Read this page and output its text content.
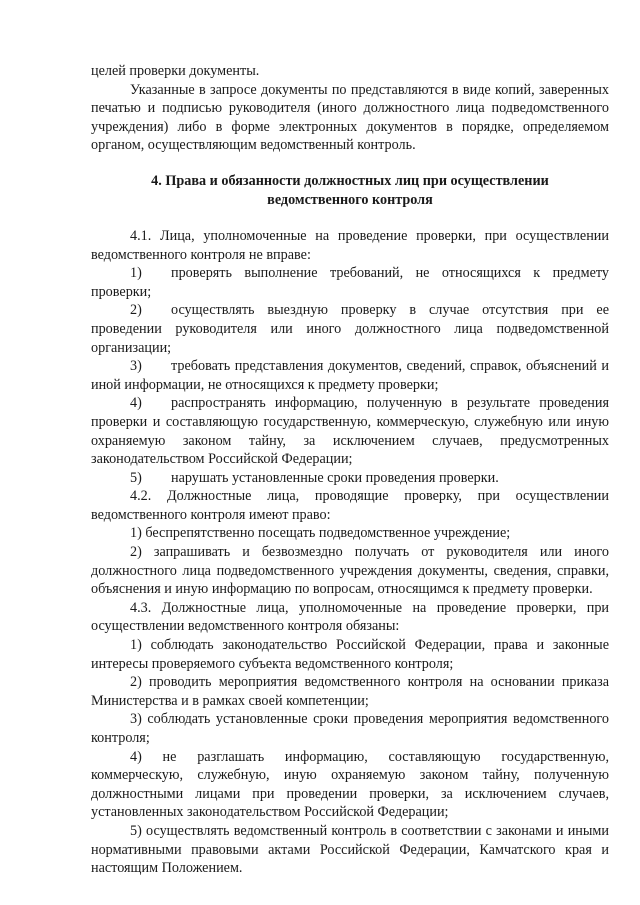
целей проверки документы.

Указанные в запросе документы по представляются в виде копий, заверенных печатью и подписью руководителя (иного должностного лица подведомственного учреждения) либо в форме электронных документов в порядке, определяемом органом, осуществляющим ведомственный контроль.

4. Права и обязанности должностных лиц при осуществлении
ведомственного контроля

4.1. Лица, уполномоченные на проведение проверки, при осуществлении ведомственного контроля не вправе:

1) проверять выполнение требований, не относящихся к предмету проверки;

2) осуществлять выездную проверку в случае отсутствия при ее проведении руководителя или иного должностного лица подведомственной организации;

3) требовать представления документов, сведений, справок, объяснений и иной информации, не относящихся к предмету проверки;

4) распространять информацию, полученную в результате проведения проверки и составляющую государственную, коммерческую, служебную или иную охраняемую законом тайну, за исключением случаев, предусмотренных законодательством Российской Федерации;

5) нарушать установленные сроки проведения проверки.

4.2. Должностные лица, проводящие проверку, при осуществлении ведомственного контроля имеют право:

1) беспрепятственно посещать подведомственное учреждение;

2) запрашивать и безвозмездно получать от руководителя или иного должностного лица подведомственного учреждения документы, сведения, справки, объяснения и иную информацию по вопросам, относящимся к предмету проверки.

4.3. Должностные лица, уполномоченные на проведение проверки, при осуществлении ведомственного контроля обязаны:

1) соблюдать законодательство Российской Федерации, права и законные интересы проверяемого субъекта ведомственного контроля;

2) проводить мероприятия ведомственного контроля на основании приказа Министерства и в рамках своей компетенции;

3) соблюдать установленные сроки проведения мероприятия ведомственного контроля;

4) не разглашать информацию, составляющую государственную, коммерческую, служебную, иную охраняемую законом тайну, полученную должностными лицами при проведении проверки, за исключением случаев, установленных законодательством Российской Федерации;

5) осуществлять ведомственный контроль в соответствии с законами и иными нормативными правовыми актами Российской Федерации, Камчатского края и настоящим Положением.
